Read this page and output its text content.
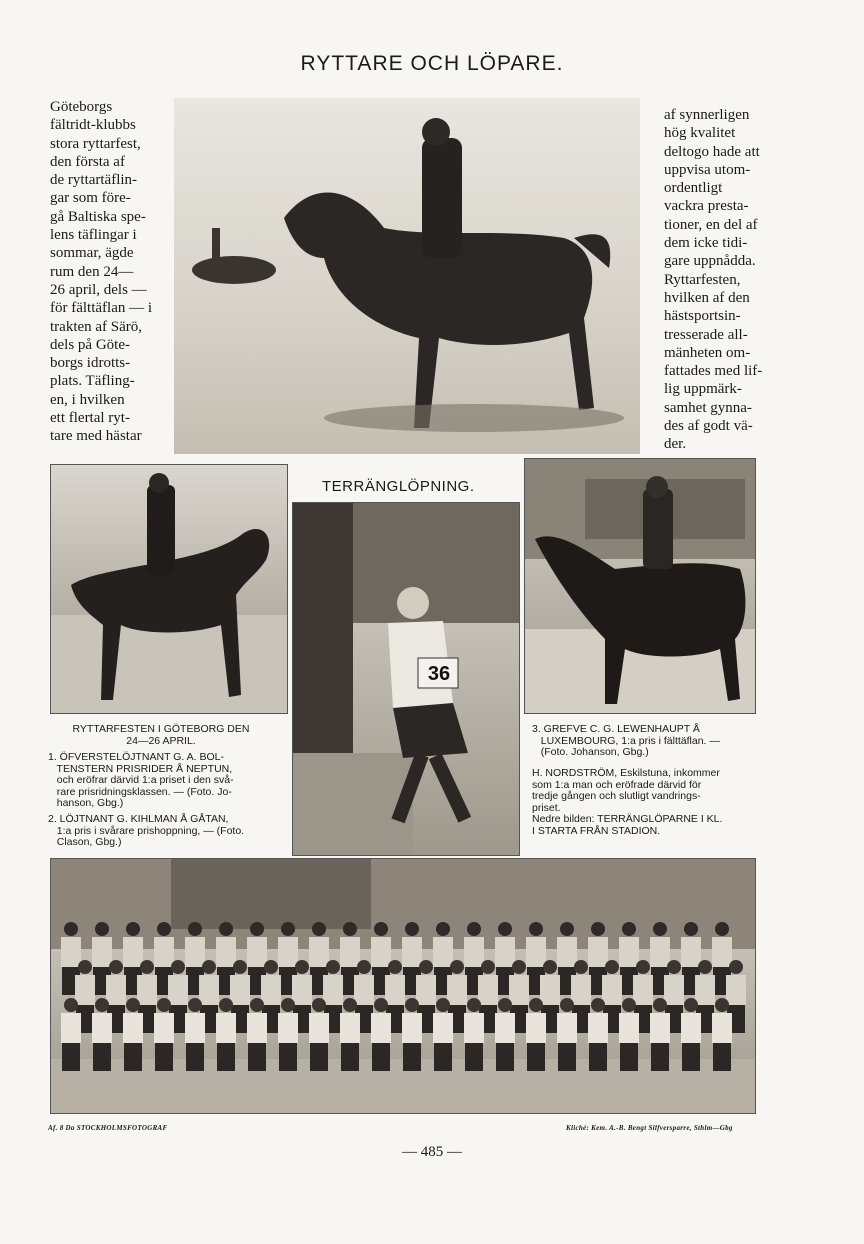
RYTTARE OCH LÖPARE.
Göteborgs
fältridt-klubbs
stora ryttarfest,
den första af
de ryttartäflin-
gar som före-
gå Baltiska spe-
lens täflingar i
sommar, ägde
rum den 24—
26 april, dels —
för fälttäflan — i
trakten af Särö,
dels på Göte-
borgs idrotts-
plats. Täfling-
en, i hvilken
ett flertal ryt-
tare med hästar
af synnerligen
hög kvalitet
deltogo hade att
uppvisa utom-
ordentligt
vackra presta-
tioner, en del af
dem icke tidi-
gare uppnådda.
Ryttarfesten,
hvilken af den
hästsportsin-
tresserade all-
mänheten om-
fattades med lif-
lig uppmärk-
samhet gynna-
des af godt vä-
der.
TERRÄNGLÖPNING.
36
RYTTARFESTEN I GÖTEBORG DEN
24—26 APRIL.
1. ÖFVERSTELÖJTNANT G. A. BOL-
TENSTERN PRISRIDER Å NEPTUN,
och eröfrar därvid 1:a priset i den svå-
rare prisridningsklassen. — (Foto. Jo-
hanson, Gbg.)
2. LÖJTNANT G. KIHLMAN Å GÅTAN,
1:a pris i svårare prishoppning, — (Foto.
Clason, Gbg.)
3. GREFVE C. G. LEWENHAUPT Å
LUXEMBOURG, 1:a pris i fälttäflan. —
(Foto. Johanson, Gbg.)
H. NORDSTRÖM, Eskilstuna, inkommer
som 1:a man och eröfrade därvid för
tredje gången och slutligt vandrings-
priset.
Nedre bilden: TERRÄNGLÖPARNE I KL.
I STARTA FRÅN STADION.
Af. 8 Da STOCKHOLMSFOTOGRAF	Kliché: Kem. A.-B. Bengt Silfversparre, Sthlm—Gbg
— 485 —
